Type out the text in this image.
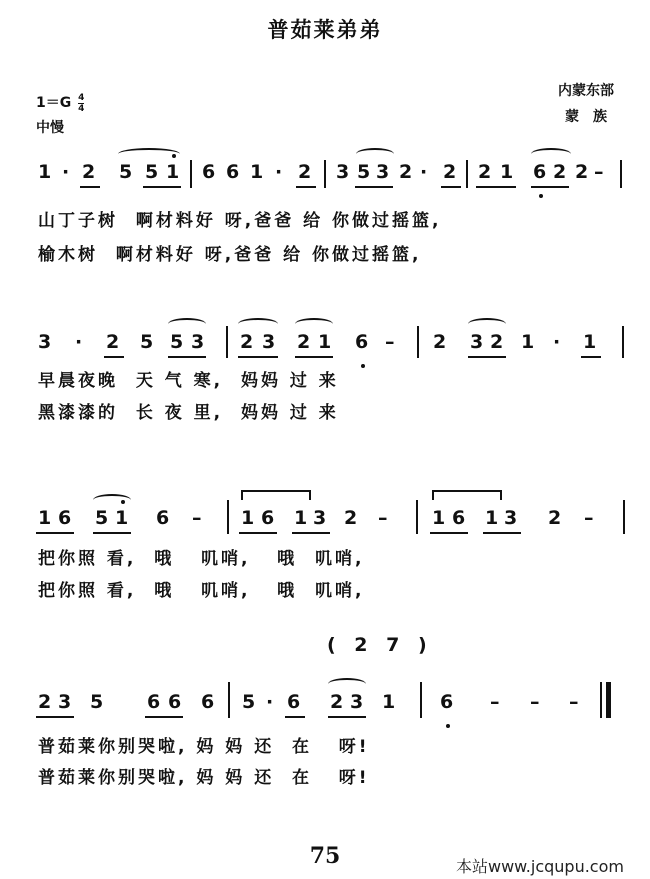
普茹莱弟弟
$1=G \frac{4}{4}$
中慢
内蒙东部
蒙族
1 · 2 5 5 1 6 6 1 · 2 3 5 3 2 · 2 2 1 6 2 2 –
山丁子树  啊材料好 呀,爸爸 给 你做过摇篮,
榆木树  啊材料好 呀,爸爸 给 你做过摇篮,
3 · 2 5 5 3 2 3 2 1 6 – 2 3 2 1 · 1
早晨夜晚  天 气 寒,  妈妈 过 来
黑漆漆的  长 夜 里,  妈妈 过 来
1 6 5 1 6 – 1 6 1 3 2 – 1 6 1 3 2 –
把你照 看,  哦   叽哨,   哦  叽哨,
把你照 看,  哦   叽哨,   哦  叽哨,
( 2 7 )
2 3 5 6 6 6 5 · 6 2 3 1 6 – – –
普茹莱你别哭啦, 妈 妈 还  在   呀!
普茹莱你别哭啦, 妈 妈 还  在   呀!
75	本站www.jcqupu.com
